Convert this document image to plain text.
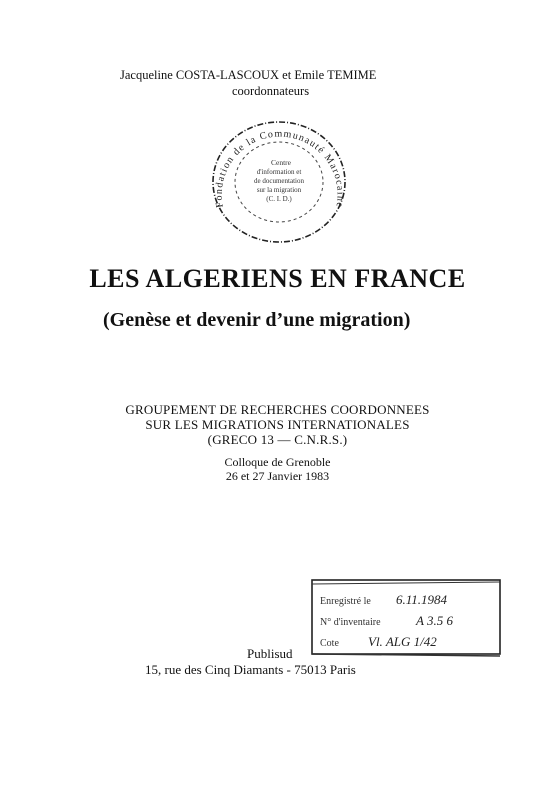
Jacqueline COSTA-LASCOUX et Emile TEMIME
coordonnateurs
Fondation de la Communauté Marocaine
Centre
d'information et
de documentation
sur la migration
(C. I. D.)
LES ALGERIENS EN FRANCE
(Genèse et devenir d’une migration)
GROUPEMENT DE RECHERCHES COORDONNEES
SUR LES MIGRATIONS INTERNATIONALES
(GRECO 13 — C.N.R.S.)
Colloque de Grenoble
26 et 27 Janvier 1983
Enregistré le 6.11.1984
N° d'inventaire	A 3.5 6
Cote Vl. ALG 1/42
Publisud
15, rue des Cinq Diamants - 75013 Paris
